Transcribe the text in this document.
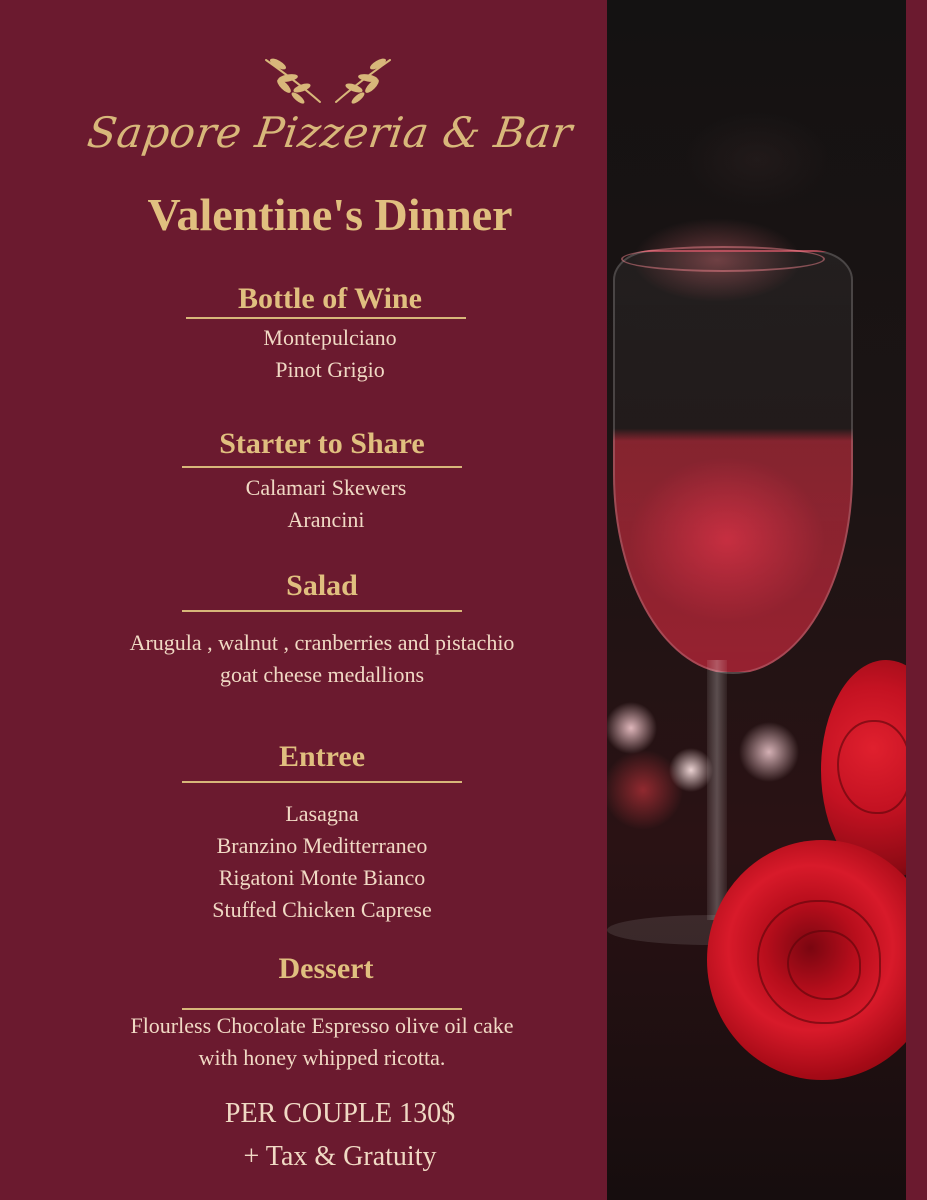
Sapore Pizzeria & Bar
Valentine's Dinner
Bottle of Wine
Montepulciano
Pinot Grigio
Starter to Share
Calamari Skewers
Arancini
Salad
Arugula , walnut , cranberries and pistachio
goat cheese medallions
Entree
Lasagna
Branzino Meditterraneo
Rigatoni Monte Bianco
Stuffed Chicken Caprese
Dessert
Flourless Chocolate Espresso olive oil cake
with honey whipped ricotta.
PER COUPLE 130$
+ Tax & Gratuity
